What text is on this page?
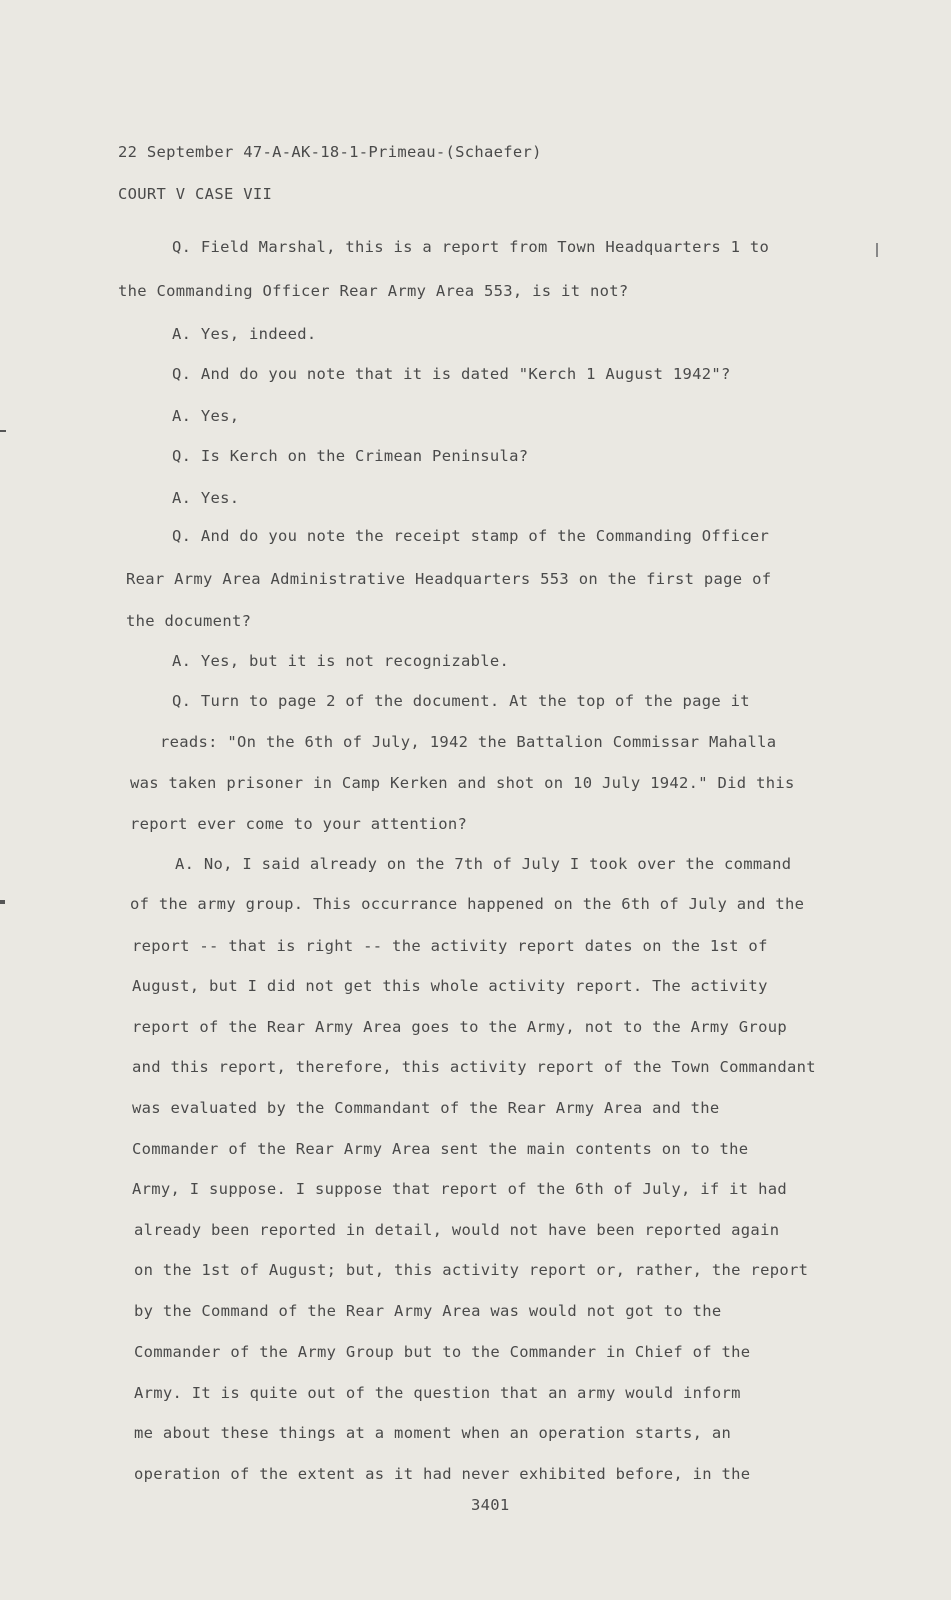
22 September 47-A-AK-18-1-Primeau-(Schaefer)
COURT V CASE VII
Q. Field Marshal, this is a report from Town Headquarters 1 to
the Commanding Officer Rear Army Area 553, is it not?
A. Yes, indeed.
Q. And do you note that it is dated "Kerch 1 August 1942"?
A. Yes,
Q. Is Kerch on the Crimean Peninsula?
A. Yes.
Q. And do you note the receipt stamp of the Commanding Officer
Rear Army Area Administrative Headquarters 553 on the first page of
the document?
A. Yes, but it is not recognizable.
Q. Turn to page 2 of the document. At the top of the page it
reads: "On the 6th of July, 1942 the Battalion Commissar Mahalla
was taken prisoner in Camp Kerken and shot on 10 July 1942." Did this
report ever come to your attention?
A. No, I said already on the 7th of July I took over the command
of the army group. This occurrance happened on the 6th of July and the
report -- that is right -- the activity report dates on the 1st of
August, but I did not get this whole activity report. The activity
report of the Rear Army Area goes to the Army, not to the Army Group
and this report, therefore, this activity report of the Town Commandant
was evaluated by the Commandant of the Rear Army Area and the
Commander of the Rear Army Area sent the main contents on to the
Army, I suppose. I suppose that report of the 6th of July, if it had
already been reported in detail, would not have been reported again
on the 1st of August; but, this activity report or, rather, the report
by the Command of the Rear Army Area was would not got to the
Commander of the Army Group but to the Commander in Chief of the
Army. It is quite out of the question that an army would inform
me about these things at a moment when an operation starts, an
operation of the extent as it had never exhibited before, in the
3401
